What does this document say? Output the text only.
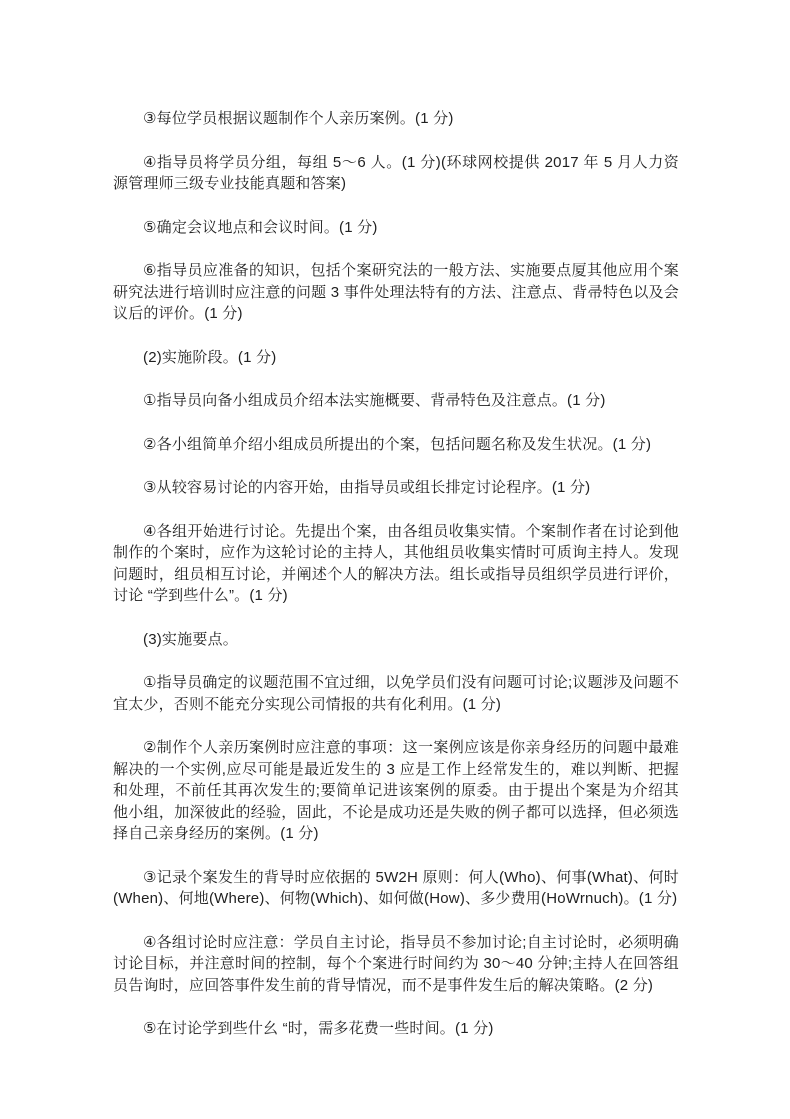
③每位学员根据议题制作个人亲历案例。(1 分)

④指导员将学员分组，每组 5～6 人。(1 分)(环球网校提供 2017 年 5 月人力资源管理师三级专业技能真题和答案)

⑤确定会议地点和会议时间。(1 分)

⑥指导员应准备的知识，包括个案研究法的一般方法、实施要点厦其他应用个案研究法进行培训时应注意的问题 3 事件处理法特有的方法、注意点、背帚特色以及会议后的评价。(1 分)

(2)实施阶段。(1 分)

①指导员向备小组成员介绍本法实施概要、背帚特色及注意点。(1 分)

②各小组简单介绍小组成员所提出的个案，包括问题名称及发生状况。(1 分)

③从较容易讨论的内容开始，由指导员或组长排定讨论程序。(1 分)

④各组开始进行讨论。先提出个案，由各组员收集实情。个案制作者在讨论到他制作的个案时，应作为这轮讨论的主持人，其他组员收集实情时可质询主持人。发现问题时，组员相互讨论，并阐述个人的解决方法。组长或指导员组织学员进行评价，讨论 “学到些什么”。(1 分)

(3)实施要点。

①指导员确定的议题范围不宜过细，以免学员们没有问题可讨论;议题涉及问题不宜太少，否则不能充分实现公司情报的共有化利用。(1 分)

②制作个人亲历案例时应注意的事项：这一案例应该是你亲身经历的问题中最难解决的一个实例,应尽可能是最近发生的 3 应是工作上经常发生的，难以判断、把握和处理，不前任其再次发生的;要简单记进该案例的原委。由于提出个案是为介绍其他小组，加深彼此的经验，固此，不论是成功还是失败的例子都可以选择，但必须选择自己亲身经历的案例。(1 分)

③记录个案发生的背导时应依据的 5W2H 原则：何人(Who)、何事(What)、何时(When)、何地(Where)、何物(Which)、如何做(How)、多少费用(HoWrnuch)。(1 分)

④各组讨论时应注意：学员自主讨论，指导员不参加讨论;自主讨论时，必须明确讨论目标，并注意时间的控制，每个个案进行时间约为 30～40 分钟;主持人在回答组员告询时，应回答事件发生前的背导情况，而不是事件发生后的解决策略。(2 分)

⑤在讨论学到些什幺 “时，需多花费一些时间。(1 分)
